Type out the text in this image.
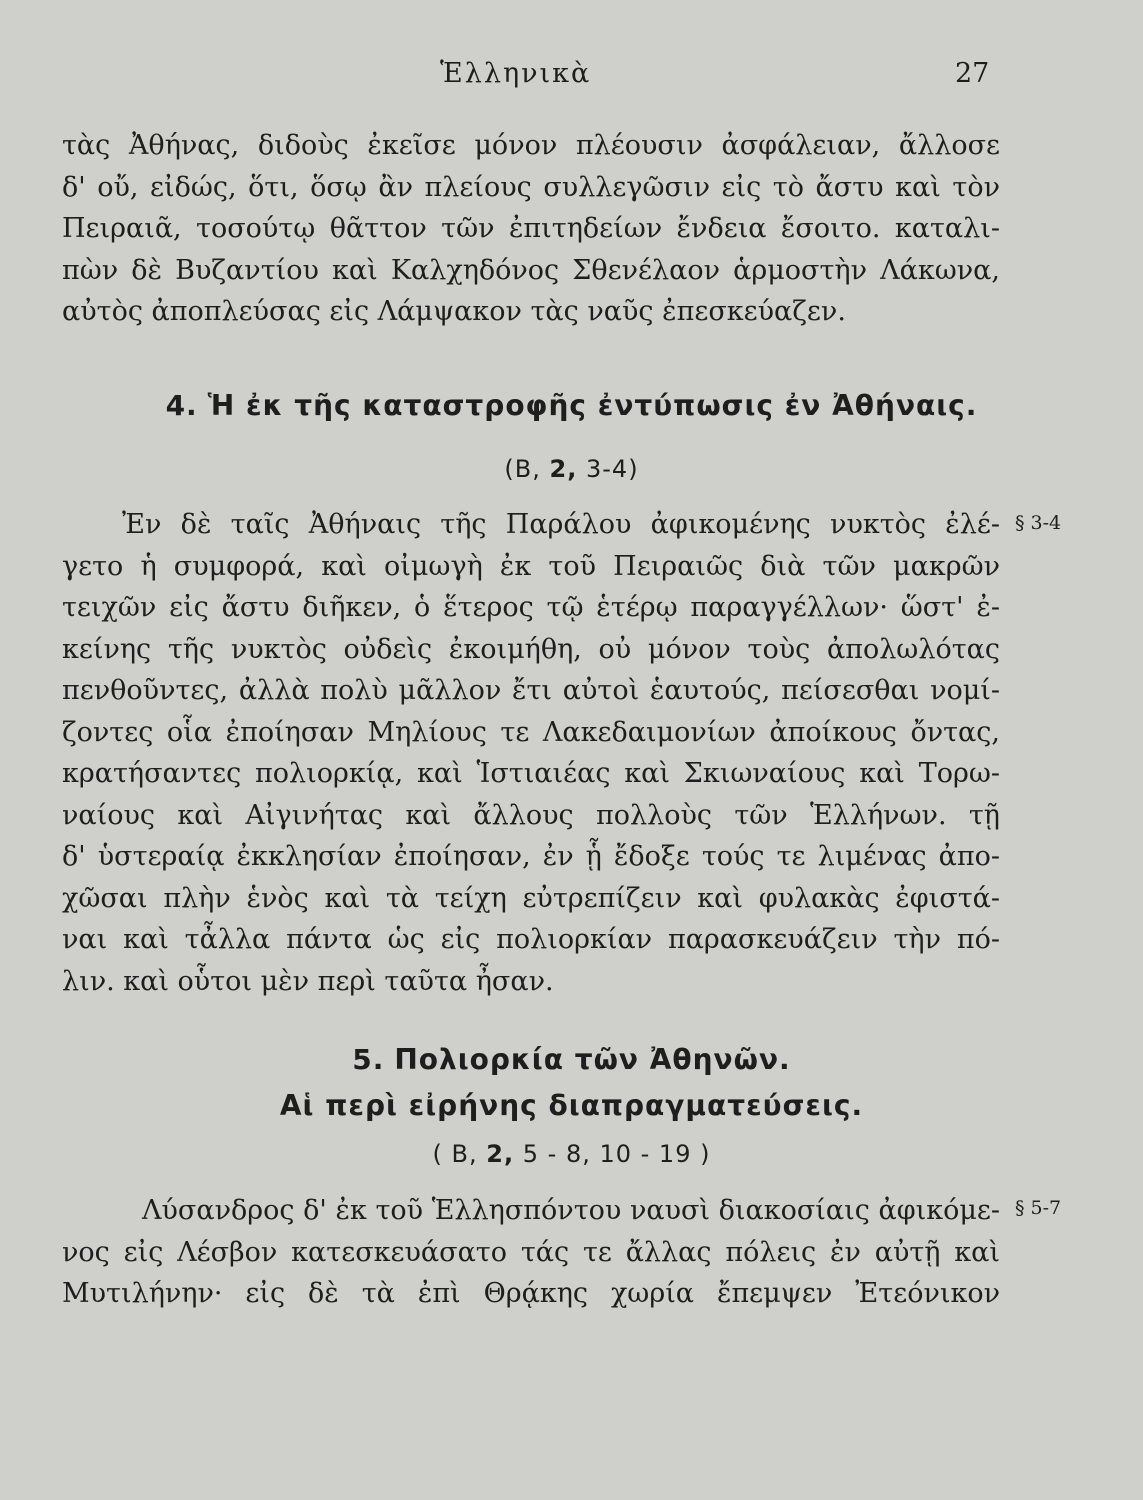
Ἑλληνικὰ	27
τὰς Ἀθήνας, διδοὺς ἐκεῖσε μόνον πλέουσιν ἀσφάλειαν, ἄλλοσε
δ' οὔ, εἰδώς, ὅτι, ὅσῳ ἂν πλείους συλλεγῶσιν εἰς τὸ ἄστυ καὶ τὸν
Πειραιᾶ, τοσούτῳ θᾶττον τῶν ἐπιτηδείων ἔνδεια ἔσοιτο. καταλι-
πὼν δὲ Βυζαντίου καὶ Καλχηδόνος Σθενέλαον ἁρμοστὴν Λάκωνα,
αὐτὸς ἀποπλεύσας εἰς Λάμψακον τὰς ναῦς ἐπεσκεύαζεν.
4. Ἡ ἐκ τῆς καταστροφῆς ἐντύπωσις ἐν Ἀθήναις.
(Β, 2, 3-4)
§ 3-4
Ἐν δὲ ταῖς Ἀθήναις τῆς Παράλου ἀφικομένης νυκτὸς ἐλέ-
γετο ἡ συμφορά, καὶ οἰμωγὴ ἐκ τοῦ Πειραιῶς διὰ τῶν μακρῶν
τειχῶν εἰς ἄστυ διῆκεν, ὁ ἕτερος τῷ ἑτέρῳ παραγγέλλων· ὥστ' ἐ-
κείνης τῆς νυκτὸς οὐδεὶς ἐκοιμήθη, οὐ μόνον τοὺς ἀπολωλότας
πενθοῦντες, ἀλλὰ πολὺ μᾶλλον ἔτι αὐτοὶ ἑαυτούς, πείσεσθαι νομί-
ζοντες οἷα ἐποίησαν Μηλίους τε Λακεδαιμονίων ἀποίκους ὄντας,
κρατήσαντες πολιορκίᾳ, καὶ Ἱστιαιέας καὶ Σκιωναίους καὶ Τορω-
ναίους καὶ Αἰγινήτας καὶ ἄλλους πολλοὺς τῶν Ἑλλήνων. τῇ
δ' ὑστεραίᾳ ἐκκλησίαν ἐποίησαν, ἐν ᾗ ἔδοξε τούς τε λιμένας ἀπο-
χῶσαι πλὴν ἑνὸς καὶ τὰ τείχη εὐτρεπίζειν καὶ φυλακὰς ἐφιστά-
ναι καὶ τἆλλα πάντα ὡς εἰς πολιορκίαν παρασκευάζειν τὴν πό-
λιν. καὶ οὗτοι μὲν περὶ ταῦτα ἦσαν.
5. Πολιορκία τῶν Ἀθηνῶν.
Αἱ περὶ εἰρήνης διαπραγματεύσεις.
( Β, 2, 5 - 8, 10 - 19 )
§ 5-7
Λύσανδρος δ' ἐκ τοῦ Ἑλλησπόντου ναυσὶ διακοσίαις ἀφικόμε-
νος εἰς Λέσβον κατεσκευάσατο τάς τε ἄλλας πόλεις ἐν αὐτῇ καὶ
Μυτιλήνην· εἰς δὲ τὰ ἐπὶ Θρᾴκης χωρία ἔπεμψεν Ἐτεόνικον
